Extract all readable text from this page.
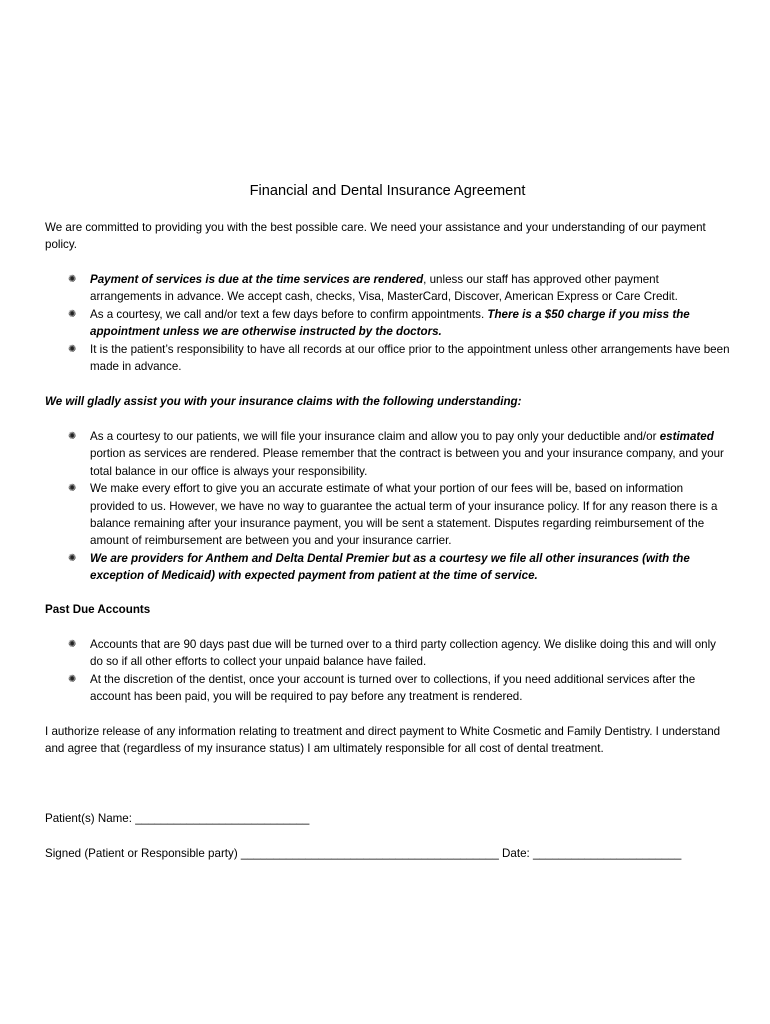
Financial and Dental Insurance Agreement

We are committed to providing you with the best possible care. We need your assistance and your understanding of our payment policy.

✺ Payment of services is due at the time services are rendered, unless our staff has approved other payment arrangements in advance. We accept cash, checks, Visa, MasterCard, Discover, American Express or Care Credit.
✺ As a courtesy, we call and/or text a few days before to confirm appointments. There is a $50 charge if you miss the appointment unless we are otherwise instructed by the doctors.
✺ It is the patient’s responsibility to have all records at our office prior to the appointment unless other arrangements have been made in advance.

We will gladly assist you with your insurance claims with the following understanding:

✺ As a courtesy to our patients, we will file your insurance claim and allow you to pay only your deductible and/or estimated portion as services are rendered. Please remember that the contract is between you and your insurance company, and your total balance in our office is always your responsibility.
✺ We make every effort to give you an accurate estimate of what your portion of our fees will be, based on information provided to us. However, we have no way to guarantee the actual term of your insurance policy. If for any reason there is a balance remaining after your insurance payment, you will be sent a statement. Disputes regarding reimbursement of the amount of reimbursement are between you and your insurance carrier.
✺ We are providers for Anthem and Delta Dental Premier but as a courtesy we file all other insurances (with the exception of Medicaid) with expected payment from patient at the time of service.

Past Due Accounts

✺ Accounts that are 90 days past due will be turned over to a third party collection agency. We dislike doing this and will only do so if all other efforts to collect your unpaid balance have failed.
✺ At the discretion of the dentist, once your account is turned over to collections, if you need additional services after the account has been paid, you will be required to pay before any treatment is rendered.

I authorize release of any information relating to treatment and direct payment to White Cosmetic and Family Dentistry. I understand and agree that (regardless of my insurance status) I am ultimately responsible for all cost of dental treatment.

Patient(s) Name: ___________________________
Signed (Patient or Responsible party) ________________________________________ Date: _______________________
